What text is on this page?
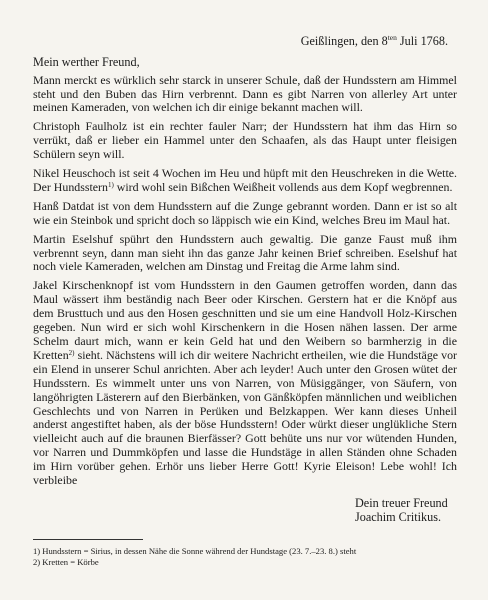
Geißlingen, den $8^{ten}$ Juli 1768.
Mein werther Freund,

Mann merckt es würklich sehr starck in unserer Schule, daß der Hundsstern am Himmel steht und den Buben das Hirn verbrennt. Dann es gibt Narren von allerley Art unter meinen Kameraden, von welchen ich dir einige bekannt machen will.

Christoph Faulholz ist ein rechter fauler Narr; der Hundsstern hat ihm das Hirn so verrükt, daß er lieber ein Hammel unter den Schaafen, als das Haupt unter fleisigen Schülern seyn will.

Nikel Heuschoch ist seit 4 Wochen im Heu und hüpft mit den Heuschreken in die Wette. Der Hundsstern$^{1)}$ wird wohl sein Bißchen Weißheit vollends aus dem Kopf wegbrennen.

Hanß Datdat ist von dem Hundsstern auf die Zunge gebrannt worden. Dann er ist so alt wie ein Steinbok und spricht doch so läppisch wie ein Kind, welches Breu im Maul hat.

Martin Eselshuf spührt den Hundsstern auch gewaltig. Die ganze Faust muß ihm verbrennt seyn, dann man sieht ihn das ganze Jahr keinen Brief schreiben. Eselshuf hat noch viele Kameraden, welchen am Dinstag und Freitag die Arme lahm sind.

Jakel Kirschenknopf ist vom Hundsstern in den Gaumen getroffen worden, dann das Maul wässert ihm beständig nach Beer oder Kirschen. Gerstern hat er die Knöpf aus dem Brusttuch und aus den Hosen geschnitten und sie um eine Handvoll Holz-Kirschen gegeben. Nun wird er sich wohl Kirschenkern in die Hosen nähen lassen. Der arme Schelm daurt mich, wann er kein Geld hat und den Weibern so barmherzig in die Kretten$^{2)}$ sieht. Nächstens will ich dir weitere Nachricht ertheilen, wie die Hundstäge vor ein Elend in unserer Schul anrichten. Aber ach leyder! Auch unter den Grosen wütet der Hundsstern. Es wimmelt unter uns von Narren, von Müsiggänger, von Säufern, von langöhrigten Lästerern auf den Bierbänken, von Gänßköpfen männlichen und weiblichen Geschlechts und von Narren in Perüken und Belzkappen. Wer kann dieses Unheil anderst angestiftet haben, als der böse Hundsstern! Oder würkt dieser unglükliche Stern vielleicht auch auf die braunen Bierfässer? Gott behüte uns nur vor wütenden Hunden, vor Narren und Dummköpfen und lasse die Hundstäge in allen Ständen ohne Schaden im Hirn vorüber gehen. Erhör uns lieber Herre Gott! Kyrie Eleison! Lebe wohl! Ich verbleibe

Dein treuer Freund
Joachim Critikus.
1) Hundsstern = Sirius, in dessen Nähe die Sonne während der Hundstage (23. 7.–23. 8.) steht
2) Kretten = Körbe
